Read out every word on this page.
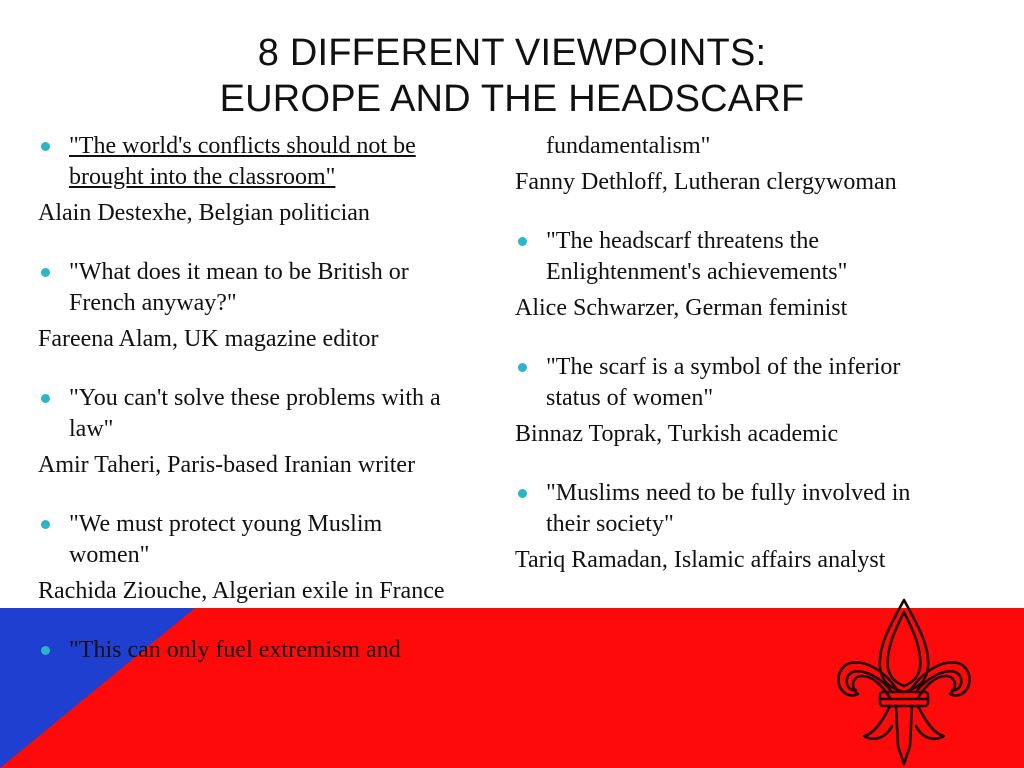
8 DIFFERENT VIEWPOINTS:
EUROPE AND THE HEADSCARF
"The world's conflicts should not be
brought into the classroom"
Alain Destexhe, Belgian politician
"What does it mean to be British or
French anyway?"
Fareena Alam, UK magazine editor
"You can't solve these problems with a
law"
Amir Taheri, Paris-based Iranian writer
"We must protect young Muslim
women"
Rachida Ziouche, Algerian exile in France
"This can only fuel extremism and
fundamentalism"
Fanny Dethloff, Lutheran clergywoman
"The headscarf threatens the
Enlightenment's achievements"
Alice Schwarzer, German feminist
"The scarf is a symbol of the inferior
status of women"
Binnaz Toprak, Turkish academic
"Muslims need to be fully involved in
their society"
Tariq Ramadan, Islamic affairs analyst
